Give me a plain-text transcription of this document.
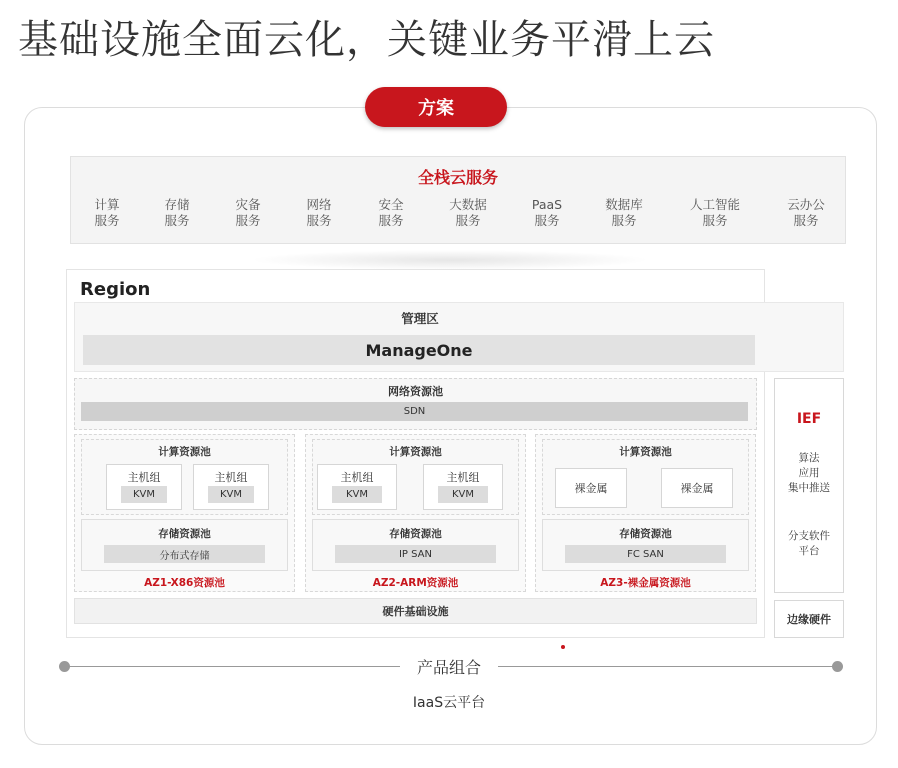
基础设施全面云化，关键业务平滑上云
方案
全栈云服务
计算
服务
存储
服务
灾备
服务
网络
服务
安全
服务
大数据
服务
PaaS
服务
数据库
服务
人工智能
服务
云办公
服务
Region
管理区
ManageOne
网络资源池
SDN
计算资源池
主机组
KVM
主机组
KVM
存储资源池
分布式存储
AZ1-X86资源池
计算资源池
主机组
KVM
主机组
KVM
存储资源池
IP SAN
AZ2-ARM资源池
计算资源池
裸金属	裸金属
存储资源池
FC SAN
AZ3-裸金属资源池
硬件基础设施
IEF
算法
应用
集中推送
分支软件
平台
边缘硬件
产品组合
IaaS云平台
